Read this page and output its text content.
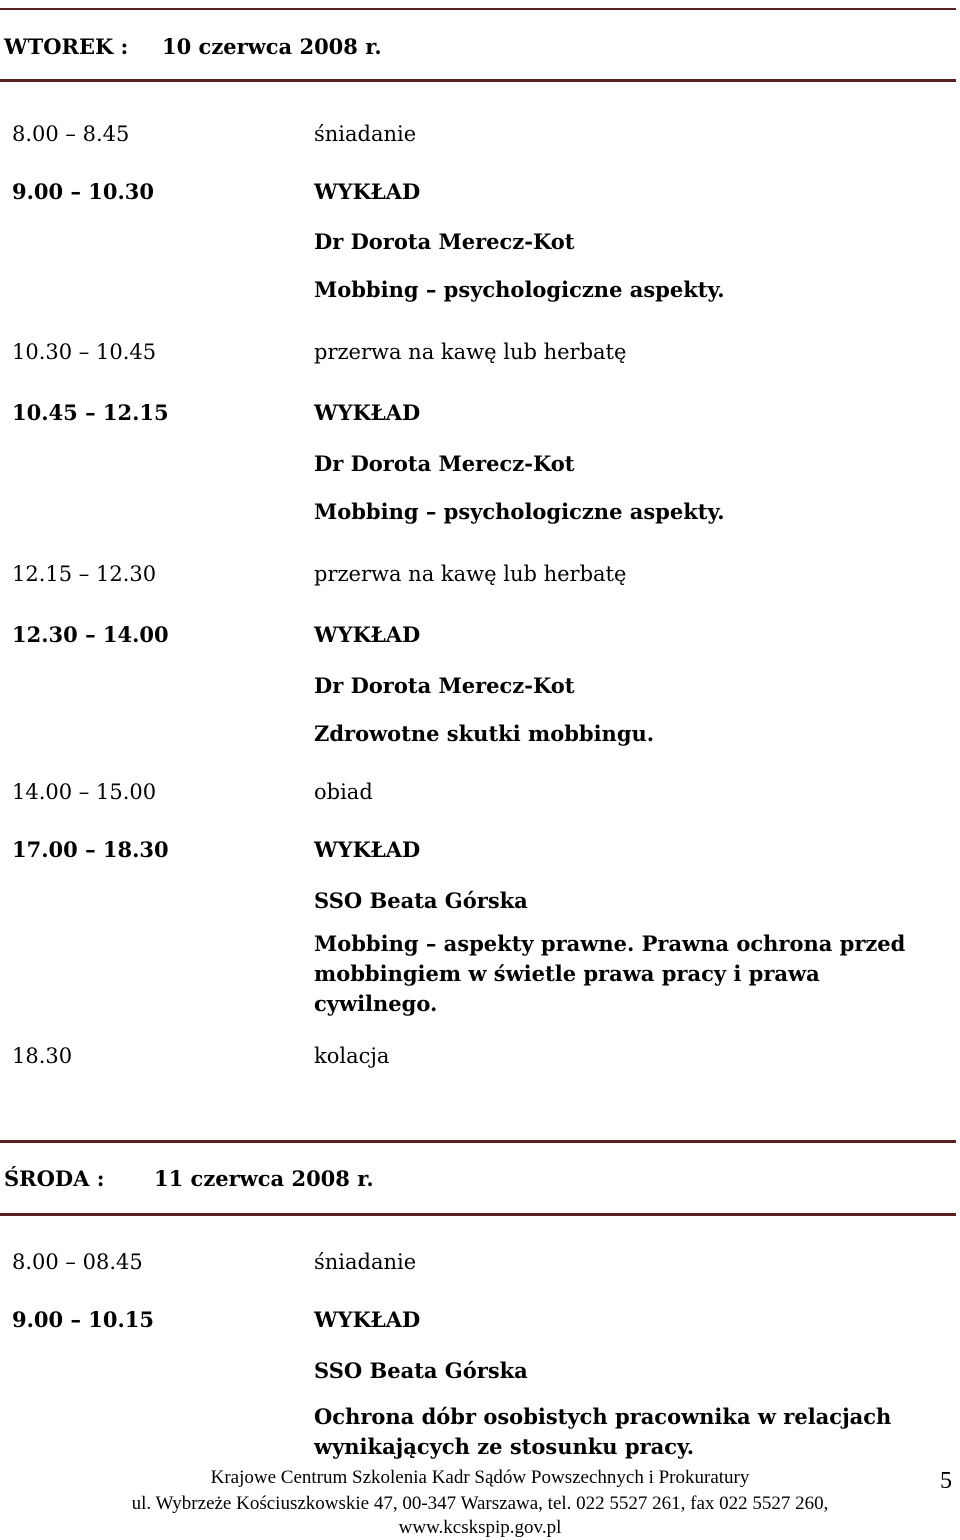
WTOREK : 10 czerwca 2008 r.
8.00 – 8.45	śniadanie
9.00 – 10.30	WYKŁAD
Dr Dorota Merecz-Kot
Mobbing – psychologiczne aspekty.
10.30 – 10.45	przerwa na kawę lub herbatę
10.45 – 12.15	WYKŁAD
Dr Dorota Merecz-Kot
Mobbing – psychologiczne aspekty.
12.15 – 12.30	przerwa na kawę lub herbatę
12.30 – 14.00	WYKŁAD
Dr Dorota Merecz-Kot
Zdrowotne skutki mobbingu.
14.00 – 15.00	obiad
17.00 – 18.30	WYKŁAD
SSO Beata Górska
Mobbing – aspekty prawne. Prawna ochrona przed mobbingiem w świetle prawa pracy i prawa cywilnego.
18.30	kolacja
ŚRODA : 11 czerwca 2008 r.
8.00 – 08.45	śniadanie
9.00 – 10.15	WYKŁAD
SSO Beata Górska
Ochrona dóbr osobistych pracownika w relacjach wynikających ze stosunku pracy.
Krajowe Centrum Szkolenia Kadr Sądów Powszechnych i Prokuratury
ul. Wybrzeże Kościuszkowskie 47, 00-347 Warszawa, tel. 022 5527 261, fax 022 5527 260,
www.kcskspip.gov.pl
5
